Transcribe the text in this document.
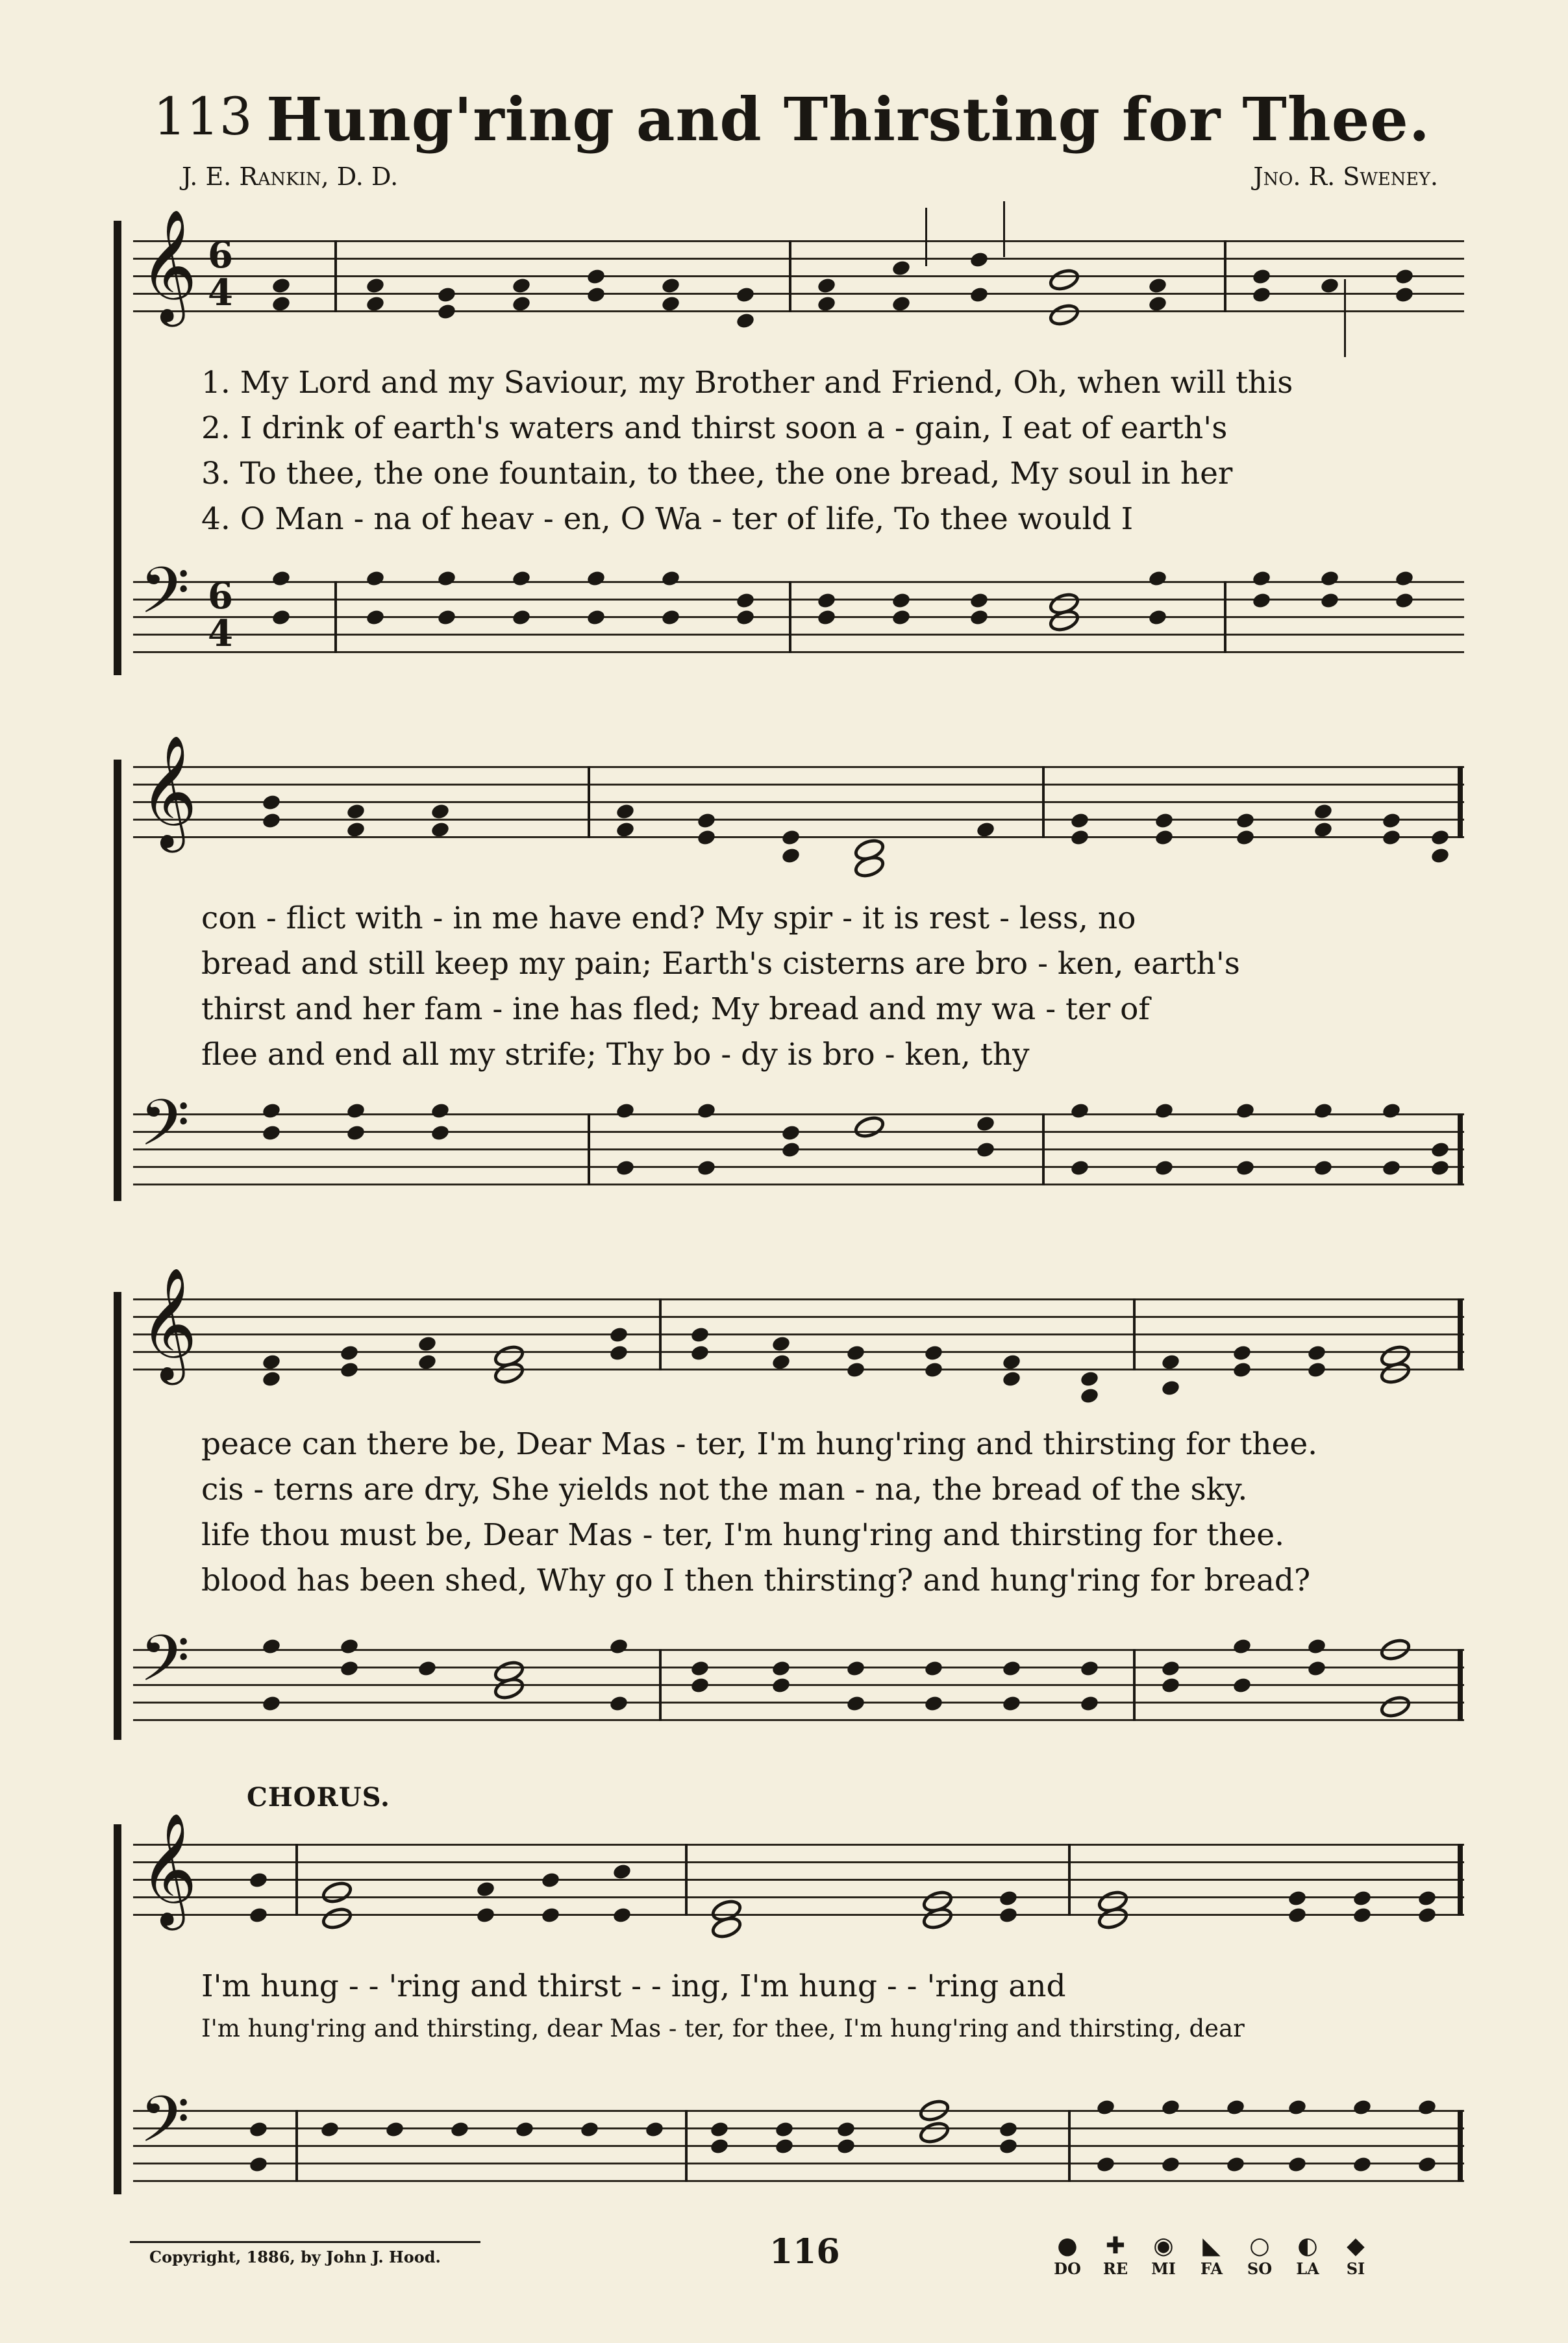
113 Hung'ring and Thirsting for Thee.
J. E. Rankin, D. D.	Jno. R. Sweney.
𝄞 6
4
1. My Lord and my Saviour, my Brother and Friend, Oh, when will this
2. I drink of earth's waters and thirst soon a - gain, I eat of earth's
3. To thee, the one fountain, to thee, the one bread, My soul in her
4. O Man - na of heav - en, O Wa - ter of life, To thee would I
𝄢 6
4
𝄞
con - flict with - in me have end? My spir - it is rest - less, no
bread and still keep my pain; Earth's cisterns are bro - ken, earth's
thirst and her fam - ine has fled; My bread and my wa - ter of
flee and end all my strife; Thy bo - dy is bro - ken, thy
𝄢
𝄞
peace can there be, Dear Mas - ter, I'm hung'ring and thirsting for thee.
cis - terns are dry, She yields not the man - na, the bread of the sky.
life thou must be, Dear Mas - ter, I'm hung'ring and thirsting for thee.
blood has been shed, Why go I then thirsting? and hung'ring for bread?
𝄢
CHORUS.
𝄞
I'm hung - - 'ring and thirst - - ing, I'm hung - - 'ring and
I'm hung'ring and thirsting, dear Mas - ter, for thee, I'm hung'ring and thirsting, dear
𝄢
Copyright, 1886, by John J. Hood.	116	●
DO
✚
RE
◉
MI
◣
FA
○
SO
◐
LA
◆
SI
